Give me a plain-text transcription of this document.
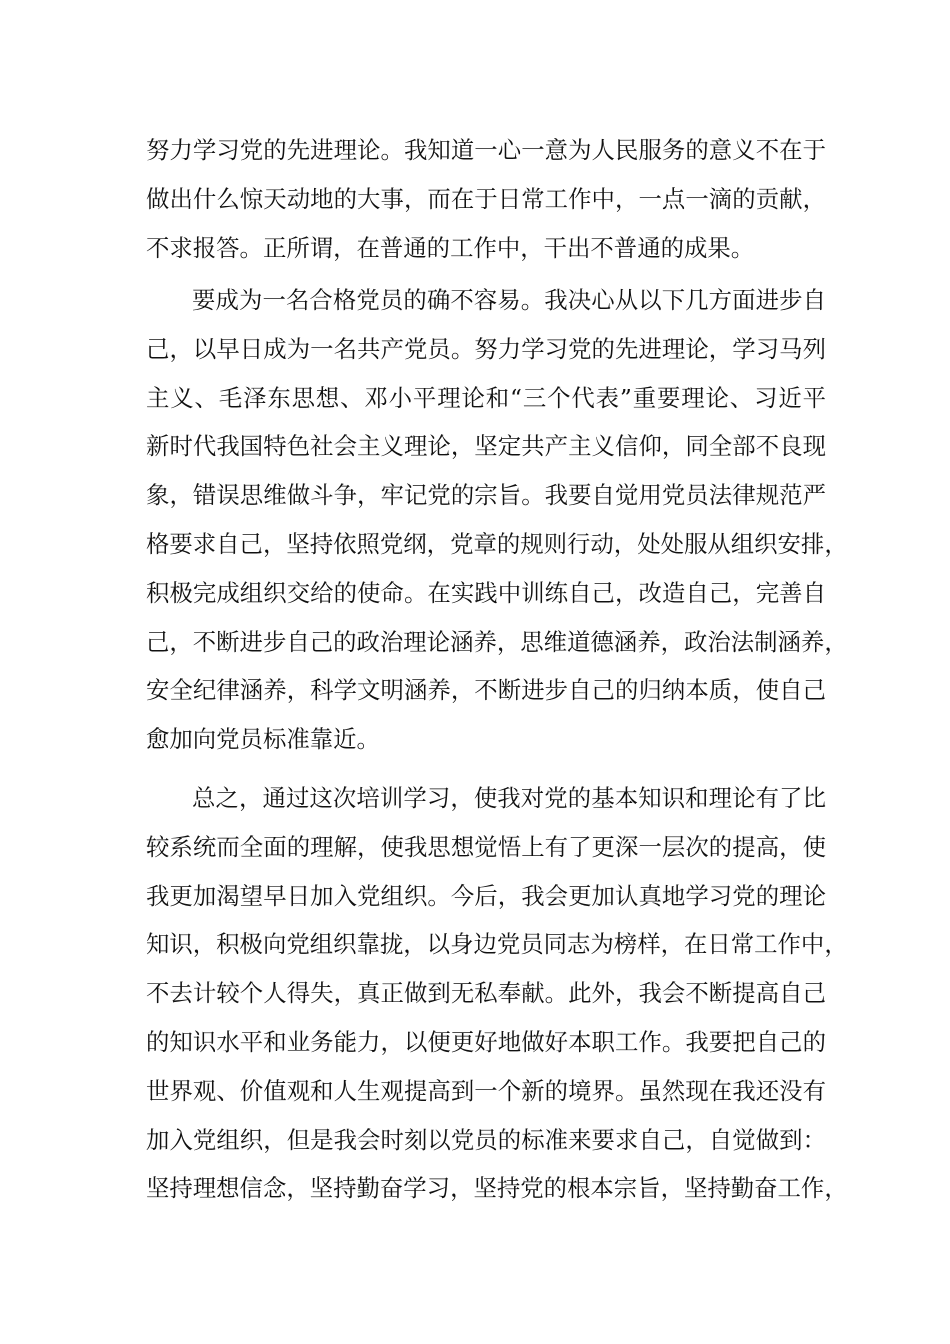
努力学习党的先进理论。我知道一心一意为人民服务的意义不在于
做出什么惊天动地的大事，而在于日常工作中，一点一滴的贡献，
不求报答。正所谓，在普通的工作中，干出不普通的成果。
要成为一名合格党员的确不容易。我决心从以下几方面进步自
己，以早日成为一名共产党员。努力学习党的先进理论，学习马列
主义、毛泽东思想、邓小平理论和“三个代表”重要理论、习近平
新时代我国特色社会主义理论，坚定共产主义信仰，同全部不良现
象，错误思维做斗争，牢记党的宗旨。我要自觉用党员法律规范严
格要求自己，坚持依照党纲，党章的规则行动，处处服从组织安排，
积极完成组织交给的使命。在实践中训练自己，改造自己，完善自
己，不断进步自己的政治理论涵养，思维道德涵养，政治法制涵养，
安全纪律涵养，科学文明涵养，不断进步自己的归纳本质，使自己
愈加向党员标准靠近。
总之，通过这次培训学习，使我对党的基本知识和理论有了比
较系统而全面的理解，使我思想觉悟上有了更深一层次的提高，使
我更加渴望早日加入党组织。今后，我会更加认真地学习党的理论
知识，积极向党组织靠拢，以身边党员同志为榜样，在日常工作中，
不去计较个人得失，真正做到无私奉献。此外，我会不断提高自己
的知识水平和业务能力，以便更好地做好本职工作。我要把自己的
世界观、价值观和人生观提高到一个新的境界。虽然现在我还没有
加入党组织，但是我会时刻以党员的标准来要求自己，自觉做到：
坚持理想信念，坚持勤奋学习，坚持党的根本宗旨，坚持勤奋工作，
